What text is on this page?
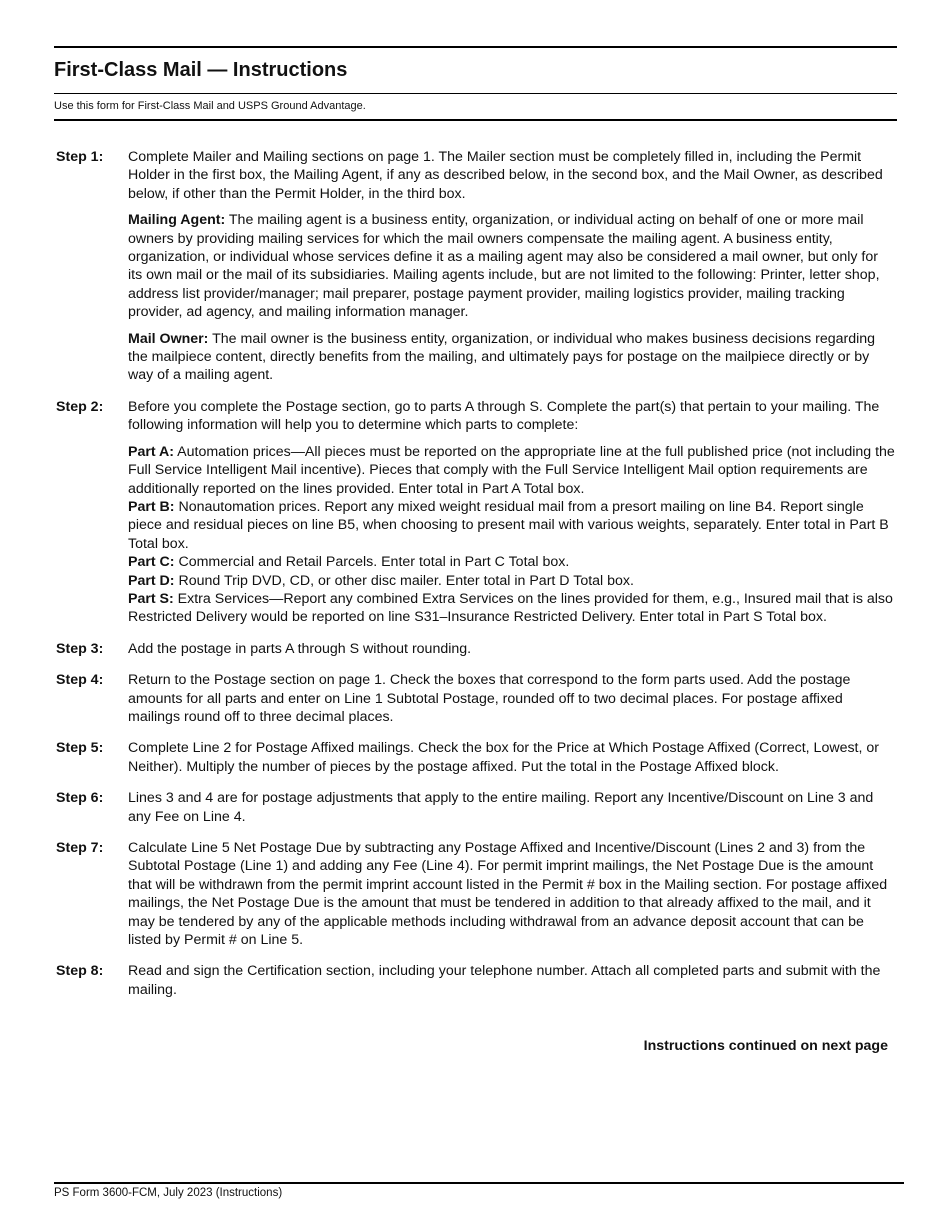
First-Class Mail — Instructions
Use this form for First-Class Mail and USPS Ground Advantage.
Step 1:	Complete Mailer and Mailing sections on page 1. The Mailer section must be completely filled in, including the Permit Holder in the first box, the Mailing Agent, if any as described below, in the second box, and the Mail Owner, as described below, if other than the Permit Holder, in the third box.

Mailing Agent: The mailing agent is a business entity, organization, or individual acting on behalf of one or more mail owners by providing mailing services for which the mail owners compensate the mailing agent. A business entity, organization, or individual whose services define it as a mailing agent may also be considered a mail owner, but only for its own mail or the mail of its subsidiaries. Mailing agents include, but are not limited to the following: Printer, letter shop, address list provider/manager; mail preparer, postage payment provider, mailing logistics provider, mailing tracking provider, ad agency, and mailing information manager.

Mail Owner: The mail owner is the business entity, organization, or individual who makes business decisions regarding the mailpiece content, directly benefits from the mailing, and ultimately pays for postage on the mailpiece directly or by way of a mailing agent.

Step 2:	Before you complete the Postage section, go to parts A through S. Complete the part(s) that pertain to your mailing. The following information will help you to determine which parts to complete:

Part A: Automation prices—All pieces must be reported on the appropriate line at the full published price (not including the Full Service Intelligent Mail incentive). Pieces that comply with the Full Service Intelligent Mail option requirements are additionally reported on the lines provided. Enter total in Part A Total box.
Part B: Nonautomation prices. Report any mixed weight residual mail from a presort mailing on line B4. Report single piece and residual pieces on line B5, when choosing to present mail with various weights, separately. Enter total in Part B Total box.
Part C: Commercial and Retail Parcels. Enter total in Part C Total box.
Part D: Round Trip DVD, CD, or other disc mailer. Enter total in Part D Total box.
Part S: Extra Services—Report any combined Extra Services on the lines provided for them, e.g., Insured mail that is also Restricted Delivery would be reported on line S31–Insurance Restricted Delivery. Enter total in Part S Total box.
Step 3:	Add the postage in parts A through S without rounding.
Step 4:	Return to the Postage section on page 1. Check the boxes that correspond to the form parts used. Add the postage amounts for all parts and enter on Line 1 Subtotal Postage, rounded off to two decimal places. For postage affixed mailings round off to three decimal places.
Step 5:	Complete Line 2 for Postage Affixed mailings. Check the box for the Price at Which Postage Affixed (Correct, Lowest, or Neither). Multiply the number of pieces by the postage affixed. Put the total in the Postage Affixed block.
Step 6:	Lines 3 and 4 are for postage adjustments that apply to the entire mailing. Report any Incentive/Discount on Line 3 and any Fee on Line 4.
Step 7:	Calculate Line 5 Net Postage Due by subtracting any Postage Affixed and Incentive/Discount (Lines 2 and 3) from the Subtotal Postage (Line 1) and adding any Fee (Line 4). For permit imprint mailings, the Net Postage Due is the amount that will be withdrawn from the permit imprint account listed in the Permit # box in the Mailing section. For postage affixed mailings, the Net Postage Due is the amount that must be tendered in addition to that already affixed to the mail, and it may be tendered by any of the applicable methods including withdrawal from an advance deposit account that can be listed by Permit # on Line 5.
Step 8:	Read and sign the Certification section, including your telephone number. Attach all completed parts and submit with the mailing.
Instructions continued on next page
PS Form 3600-FCM, July 2023 (Instructions)
